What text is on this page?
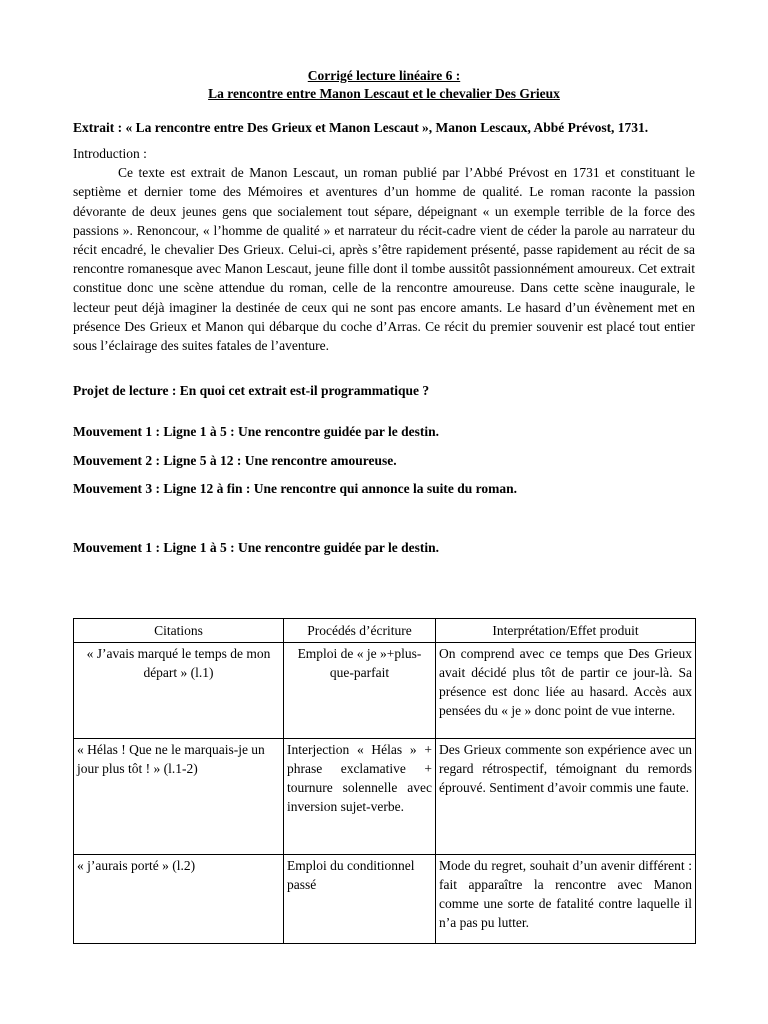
Corrigé lecture linéaire 6 :

La rencontre entre Manon Lescaut et le chevalier Des Grieux

Extrait : « La rencontre entre Des Grieux et Manon Lescaut », Manon Lescaux, Abbé Prévost, 1731.

Introduction :

Ce texte est extrait de Manon Lescaut, un roman publié par l’Abbé Prévost en 1731 et constituant le septième et dernier tome des Mémoires et aventures d’un homme de qualité. Le roman raconte la passion dévorante de deux jeunes gens que socialement tout sépare, dépeignant « un exemple terrible de la force des passions ». Renoncour, « l’homme de qualité » et narrateur du récit-cadre vient de céder la parole au narrateur du récit encadré, le chevalier Des Grieux. Celui-ci, après s’être rapidement présenté, passe rapidement au récit de sa rencontre romanesque avec Manon Lescaut, jeune fille dont il tombe aussitôt passionnément amoureux. Cet extrait constitue donc une scène attendue du roman, celle de la rencontre amoureuse. Dans cette scène inaugurale, le lecteur peut déjà imaginer la destinée de ceux qui ne sont pas encore amants. Le hasard d’un évènement met en présence Des Grieux et Manon qui débarque du coche d’Arras. Ce récit du premier souvenir est placé tout entier sous l’éclairage des suites fatales de l’aventure.

Projet de lecture : En quoi cet extrait est-il programmatique ?

Mouvement 1 : Ligne 1 à 5 : Une rencontre guidée par le destin.

Mouvement 2 : Ligne 5 à 12 : Une rencontre amoureuse.

Mouvement 3 : Ligne 12 à fin : Une rencontre qui annonce la suite du roman.

Mouvement 1 : Ligne 1 à 5 : Une rencontre guidée par le destin.

Citations	Procédés d’écriture	Interprétation/Effet produit
« J’avais marqué le temps de mon départ » (l.1)	Emploi de « je »+plus-que-parfait	On comprend avec ce temps que Des Grieux avait décidé plus tôt de partir ce jour-là. Sa présence est donc liée au hasard. Accès aux pensées du « je » donc point de vue interne.
« Hélas ! Que ne le marquais-je un jour plus tôt ! » (l.1-2)	Interjection « Hélas » + phrase exclamative + tournure solennelle avec inversion sujet-verbe.	Des Grieux commente son expérience avec un regard rétrospectif, témoignant du remords éprouvé. Sentiment d’avoir commis une faute.
« j’aurais porté » (l.2)	Emploi du conditionnel passé	Mode du regret, souhait d’un avenir différent : fait apparaître la rencontre avec Manon comme une sorte de fatalité contre laquelle il n’a pas pu lutter.
